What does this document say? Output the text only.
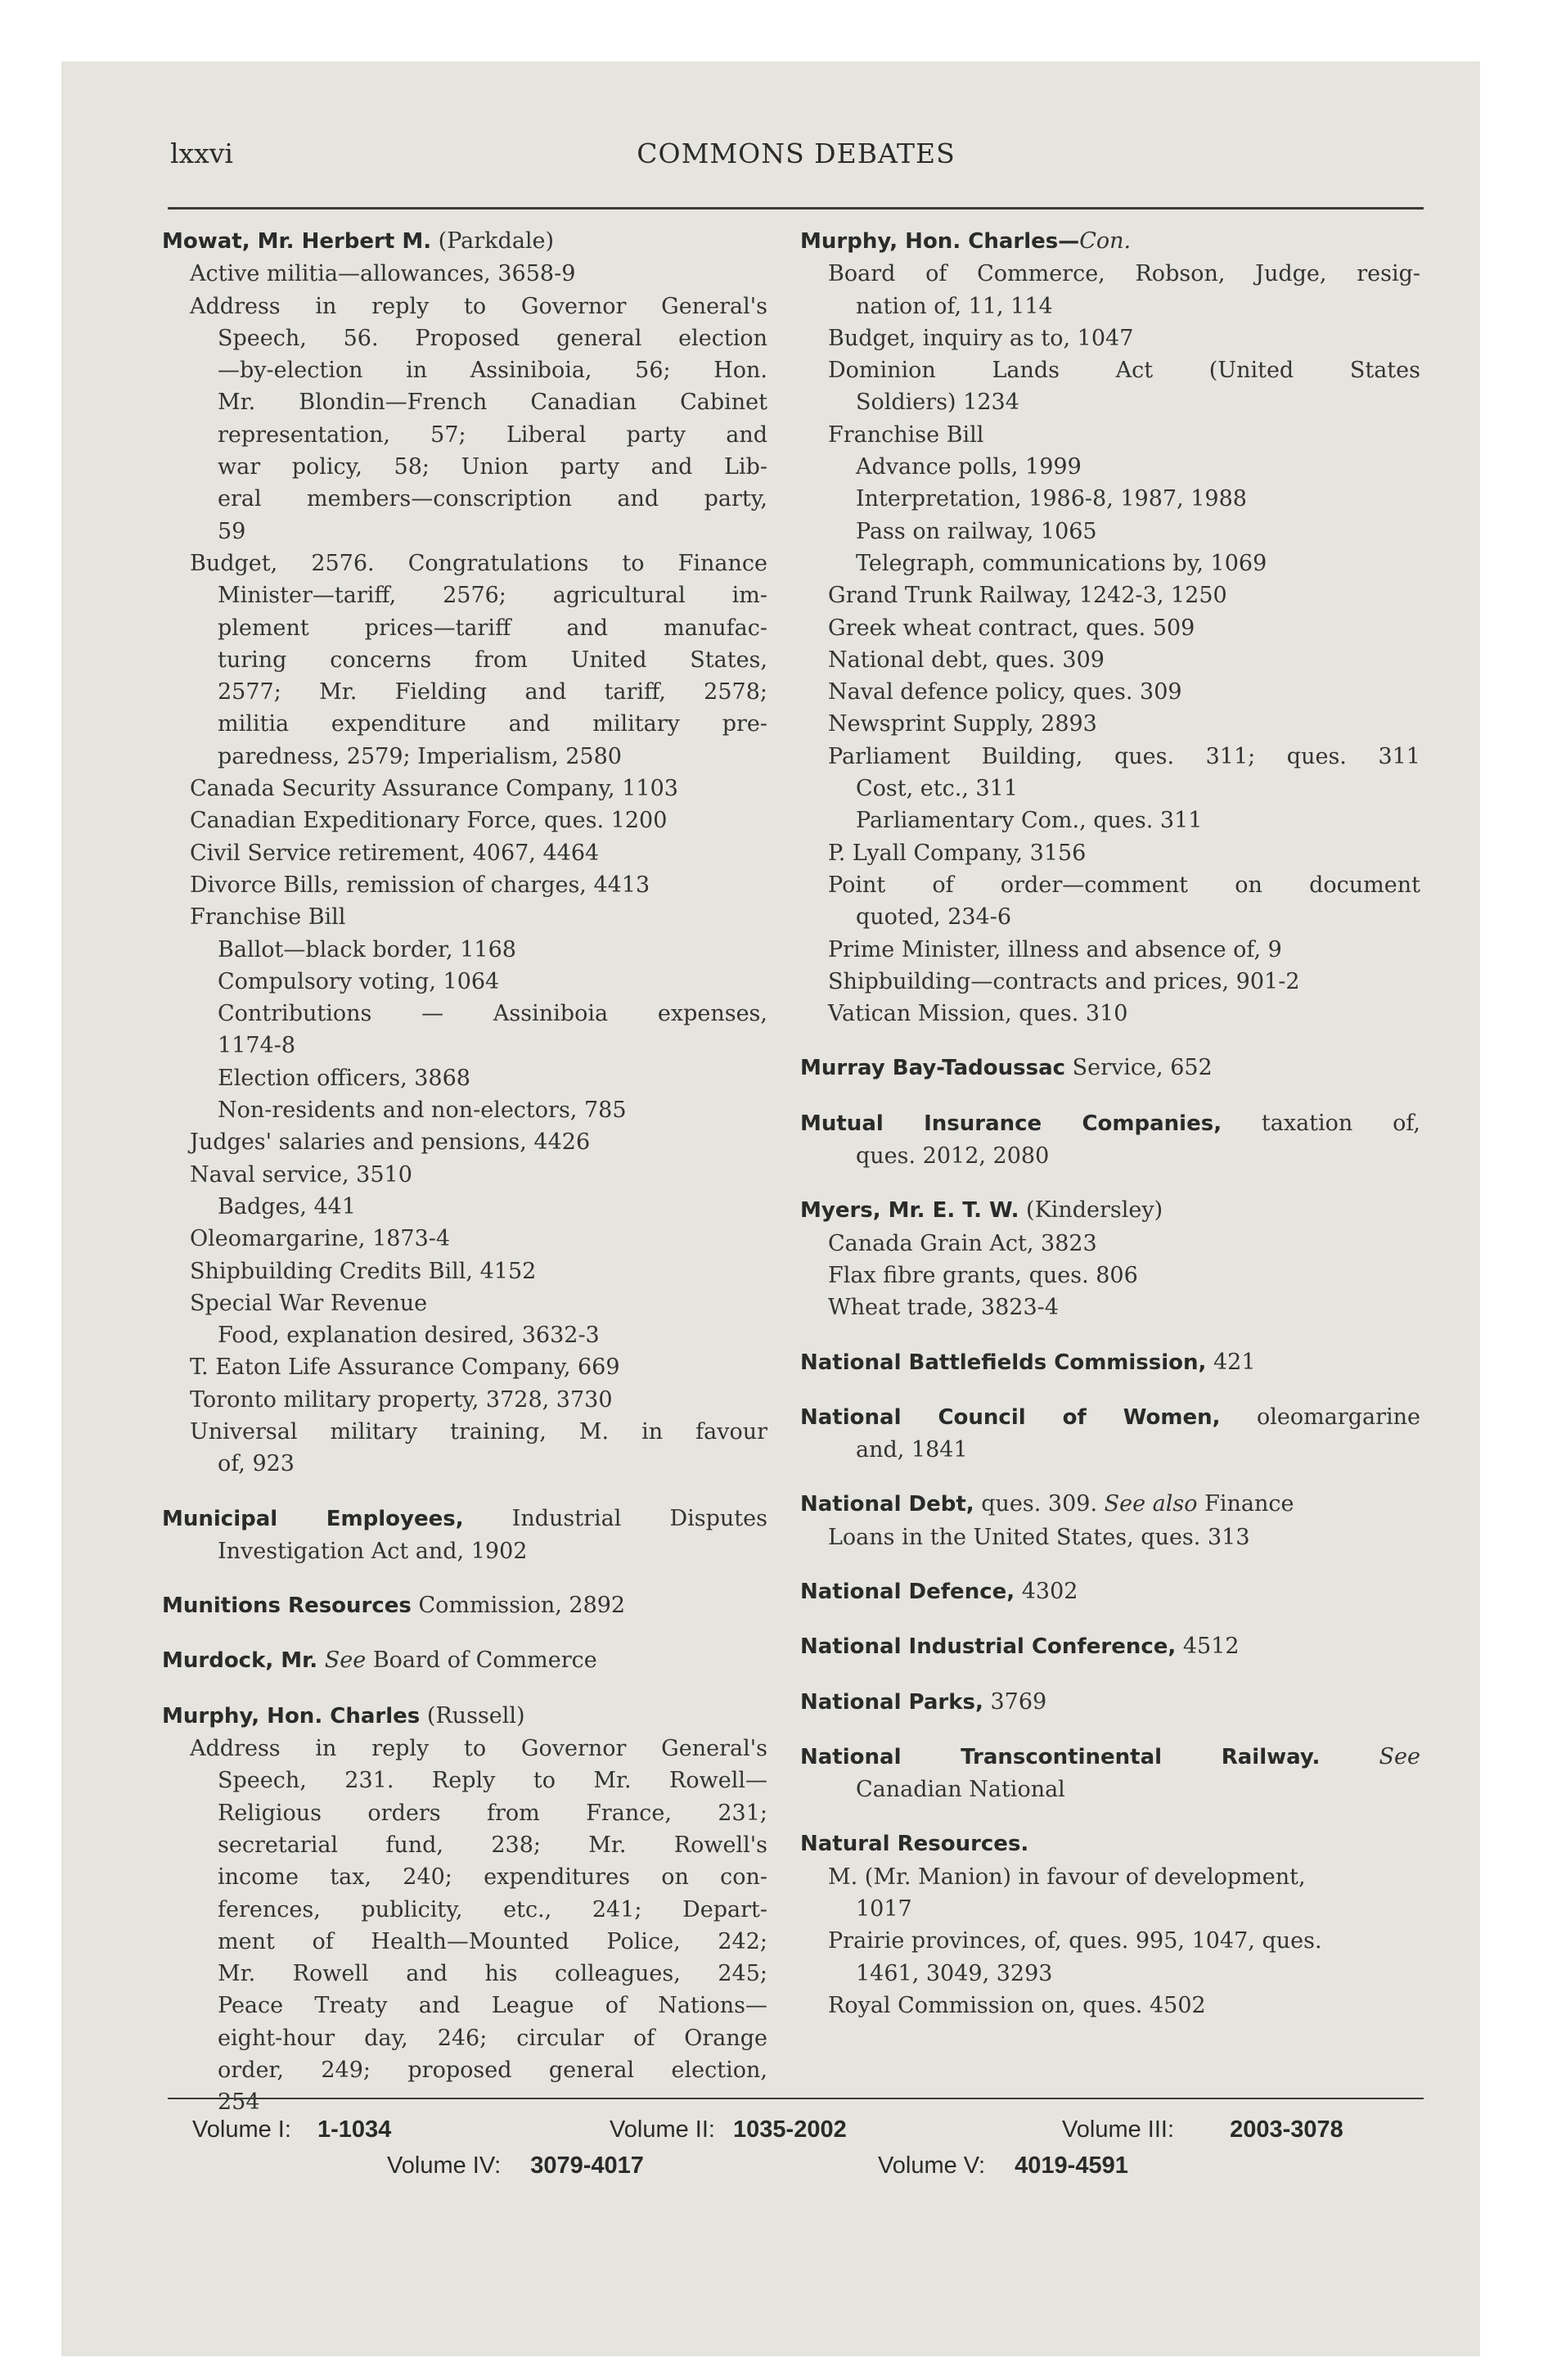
lxxvi	COMMONS DEBATES
Mowat, Mr. Herbert M. (Parkdale)
Active militia—allowances, 3658-9
Address in reply to Governor General's
Speech, 56. Proposed general election
—by-election in Assiniboia, 56; Hon.
Mr. Blondin—French Canadian Cabinet
representation, 57; Liberal party and
war policy, 58; Union party and Lib-
eral members—conscription and party,
59
Budget, 2576. Congratulations to Finance
Minister—tariff, 2576; agricultural im-
plement prices—tariff and manufac-
turing concerns from United States,
2577; Mr. Fielding and tariff, 2578;
militia expenditure and military pre-
paredness, 2579; Imperialism, 2580
Canada Security Assurance Company, 1103
Canadian Expeditionary Force, ques. 1200
Civil Service retirement, 4067, 4464
Divorce Bills, remission of charges, 4413
Franchise Bill
Ballot—black border, 1168
Compulsory voting, 1064
Contributions — Assiniboia expenses,
1174-8
Election officers, 3868
Non-residents and non-electors, 785
Judges' salaries and pensions, 4426
Naval service, 3510
Badges, 441
Oleomargarine, 1873-4
Shipbuilding Credits Bill, 4152
Special War Revenue
Food, explanation desired, 3632-3
T. Eaton Life Assurance Company, 669
Toronto military property, 3728, 3730
Universal military training, M. in favour
of, 923
Municipal Employees, Industrial Disputes
Investigation Act and, 1902
Munitions Resources Commission, 2892
Murdock, Mr. See Board of Commerce
Murphy, Hon. Charles (Russell)
Address in reply to Governor General's
Speech, 231. Reply to Mr. Rowell—
Religious orders from France, 231;
secretarial fund, 238; Mr. Rowell's
income tax, 240; expenditures on con-
ferences, publicity, etc., 241; Depart-
ment of Health—Mounted Police, 242;
Mr. Rowell and his colleagues, 245;
Peace Treaty and League of Nations—
eight-hour day, 246; circular of Orange
order, 249; proposed general election,
254
Murphy, Hon. Charles—Con.
Board of Commerce, Robson, Judge, resig-
nation of, 11, 114
Budget, inquiry as to, 1047
Dominion Lands Act (United States
Soldiers) 1234
Franchise Bill
Advance polls, 1999
Interpretation, 1986-8, 1987, 1988
Pass on railway, 1065
Telegraph, communications by, 1069
Grand Trunk Railway, 1242-3, 1250
Greek wheat contract, ques. 509
National debt, ques. 309
Naval defence policy, ques. 309
Newsprint Supply, 2893
Parliament Building, ques. 311; ques. 311
Cost, etc., 311
Parliamentary Com., ques. 311
P. Lyall Company, 3156
Point of order—comment on document
quoted, 234-6
Prime Minister, illness and absence of, 9
Shipbuilding—contracts and prices, 901-2
Vatican Mission, ques. 310
Murray Bay-Tadoussac Service, 652
Mutual Insurance Companies, taxation of,
ques. 2012, 2080
Myers, Mr. E. T. W. (Kindersley)
Canada Grain Act, 3823
Flax fibre grants, ques. 806
Wheat trade, 3823-4
National Battlefields Commission, 421
National Council of Women, oleomargarine
and, 1841
National Debt, ques. 309. See also Finance
Loans in the United States, ques. 313
National Defence, 4302
National Industrial Conference, 4512
National Parks, 3769
National Transcontinental Railway. See
Canadian National
Natural Resources.
M. (Mr. Manion) in favour of development,
1017
Prairie provinces, of, ques. 995, 1047, ques.
1461, 3049, 3293
Royal Commission on, ques. 4502
Volume I: 1-1034	Volume II: 1035-2002	Volume III: 2003-3078
Volume IV: 3079-4017	Volume V: 4019-4591
